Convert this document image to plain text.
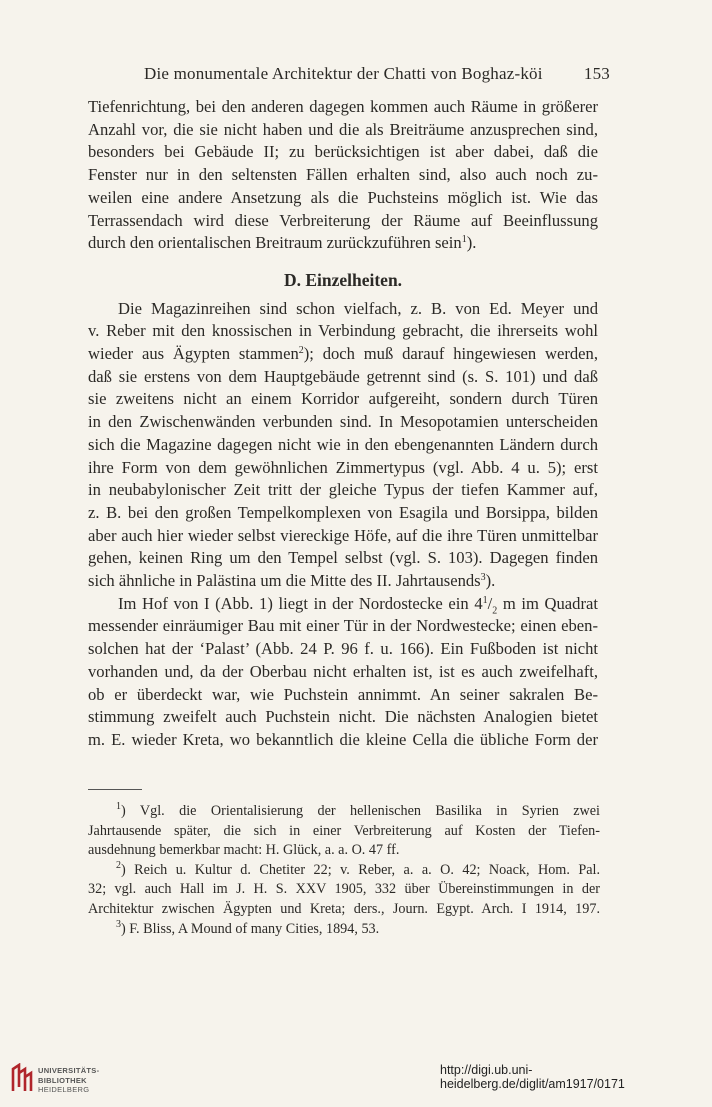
Die monumentale Architektur der Chatti von Boghaz-köi 153

Tiefenrichtung, bei den anderen dagegen kommen auch Räume in größerer
Anzahl vor, die sie nicht haben und die als Breiträume anzusprechen sind,
besonders bei Gebäude II; zu berücksichtigen ist aber dabei, daß die
Fenster nur in den seltensten Fällen erhalten sind, also auch noch zu-
weilen eine andere Ansetzung als die Puchsteins möglich ist. Wie das
Terrassendach wird diese Verbreiterung der Räume auf Beeinflussung
durch den orientalischen Breitraum zurückzuführen sein$^1$).

D. Einzelheiten.

Die Magazinreihen sind schon vielfach, z. B. von Ed. Meyer und
v. Reber mit den knossischen in Verbindung gebracht, die ihrerseits wohl
wieder aus Ägypten stammen$^2$); doch muß darauf hingewiesen werden,
daß sie erstens von dem Hauptgebäude getrennt sind (s. S. 101) und daß
sie zweitens nicht an einem Korridor aufgereiht, sondern durch Türen
in den Zwischenwänden verbunden sind. In Mesopotamien unterscheiden
sich die Magazine dagegen nicht wie in den ebengenannten Ländern durch
ihre Form von dem gewöhnlichen Zimmertypus (vgl. Abb. 4 u. 5); erst
in neubabylonischer Zeit tritt der gleiche Typus der tiefen Kammer auf,
z. B. bei den großen Tempelkomplexen von Esagila und Borsippa, bilden
aber auch hier wieder selbst viereckige Höfe, auf die ihre Türen unmittelbar
gehen, keinen Ring um den Tempel selbst (vgl. S. 103). Dagegen finden
sich ähnliche in Palästina um die Mitte des II. Jahrtausends$^3$).

Im Hof von I (Abb. 1) liegt in der Nordostecke ein $4^1/_2$ m im Quadrat
messender einräumiger Bau mit einer Tür in der Nordwestecke; einen eben-
solchen hat der ‘Palast’ (Abb. 24 P. 96 f. u. 166). Ein Fußboden ist nicht
vorhanden und, da der Oberbau nicht erhalten ist, ist es auch zweifelhaft,
ob er überdeckt war, wie Puchstein annimmt. An seiner sakralen Be-
stimmung zweifelt auch Puchstein nicht. Die nächsten Analogien bietet
m. E. wieder Kreta, wo bekanntlich die kleine Cella die übliche Form der

$^1$) Vgl. die Orientalisierung der hellenischen Basilika in Syrien zwei
Jahrtausende später, die sich in einer Verbreiterung auf Kosten der Tiefen-
ausdehnung bemerkbar macht: H. Glück, a. a. O. 47 ff.
$^2$) Reich u. Kultur d. Chetiter 22; v. Reber, a. a. O. 42; Noack, Hom. Pal.
32; vgl. auch Hall im J. H. S. XXV 1905, 332 über Übereinstimmungen in der
Architektur zwischen Ägypten und Kreta; ders., Journ. Egypt. Arch. I 1914, 197.
$^3$) F. Bliss, A Mound of many Cities, 1894, 53.
UNIVERSITÄTS-
BIBLIOTHEK
HEIDELBERG
http://digi.ub.uni-heidelberg.de/diglit/am1917/0171
